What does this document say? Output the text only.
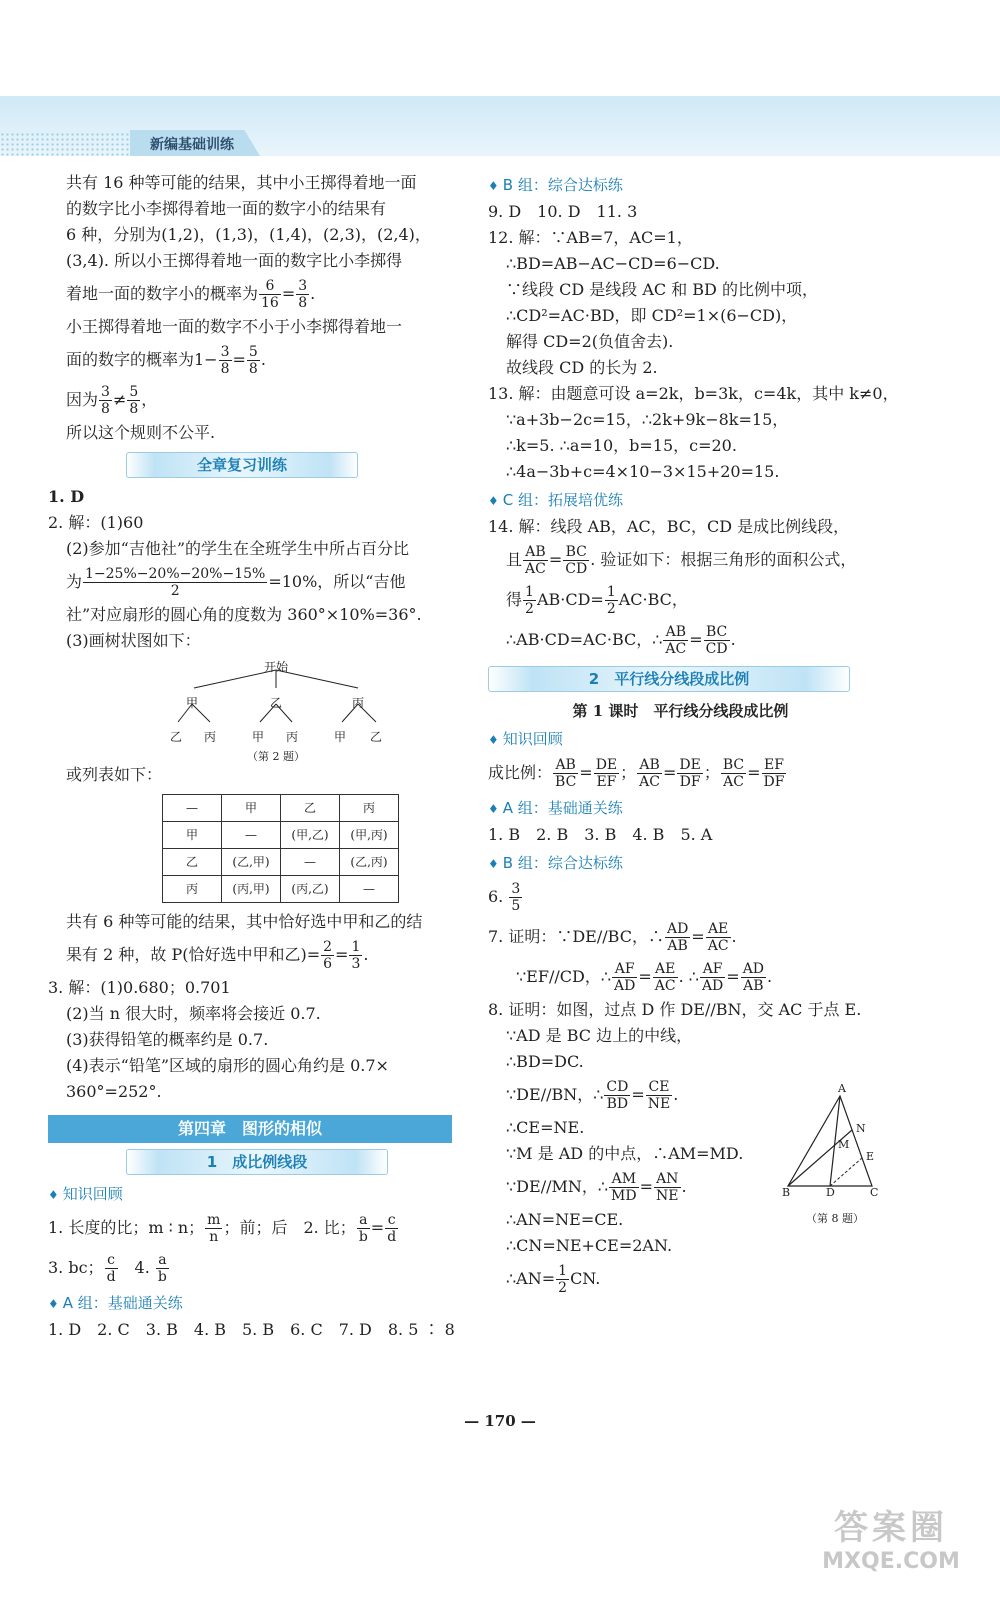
新编基础训练
共有 16 种等可能的结果，其中小王掷得着地一面
的数字比小李掷得着地一面的数字小的结果有
6 种，分别为(1,2)，(1,3)，(1,4)，(2,3)，(2,4)，
(3,4). 所以小王掷得着地一面的数字比小李掷得
着地一面的数字小的概率为 $\frac{6}{16} = \frac{3}{8}$ .
小王掷得着地一面的数字不小于小李掷得着地一
面的数字的概率为$1- \frac{3}{8} = \frac{5}{8}$ .
因为 $\frac{3}{8} \ne \frac{5}{8}$ ，
所以这个规则不公平.
全章复习训练
1. D
2. 解：(1)60
(2)参加“吉他社”的学生在全班学生中所占百分比
为 $\frac{1-25\%-20\%-20\%-15\%}{2} =10\%$，所以“吉他
社”对应扇形的圆心角的度数为 360°×10%=36°.
(3)画树状图如下：
开始
甲	乙	丙
乙 丙	甲 丙	甲 乙
（第 2 题）
或列表如下：
—	甲	乙	丙
甲	—	(甲,乙)	(甲,丙)
乙	(乙,甲)	—	(乙,丙)
丙	(丙,甲)	(丙,乙)	—
共有 6 种等可能的结果，其中恰好选中甲和乙的结
果有 2 种，故 P(恰好选中甲和乙)= $\frac{2}{6} = \frac{1}{3}$ .
3. 解：(1)0.680；0.701
(2)当 n 很大时，频率将会接近 0.7.
(3)获得铅笔的概率约是 0.7.
(4)表示“铅笔”区域的扇形的圆心角约是 0.7×
360°=252°.
第四章　图形的相似
1　成比例线段
♦ 知识回顾
1. 长度的比；m ∶ n； $\frac{m}{n}$ ；前；后　2. 比； $\frac{a}{b} = \frac{c}{d}$
3. bc； $\frac{c}{d}$ 　4. $\frac{a}{b}$
♦ A 组：基础通关练
1. D　2. C　3. B　4. B　5. B　6. C　7. D　8. 5 ∶ 8
♦ B 组：综合达标练
9. D　10. D　11. 3
12. 解：∵AB=7，AC=1，
∴BD=AB−AC−CD=6−CD.
∵线段 CD 是线段 AC 和 BD 的比例中项，
∴CD²=AC·BD，即 CD²=1×(6−CD)，
解得 CD=2(负值舍去).
故线段 CD 的长为 2.
13. 解：由题意可设 a=2k，b=3k，c=4k，其中 k≠0，
∵a+3b−2c=15，∴2k+9k−8k=15，
∴k=5. ∴a=10，b=15，c=20.
∴4a−3b+c=4×10−3×15+20=15.
♦ C 组：拓展培优练
14. 解：线段 AB，AC，BC，CD 是成比例线段，
且 $\frac{AB}{AC} = \frac{BC}{CD}$ . 验证如下：根据三角形的面积公式，
得 $\frac{1}{2} AB\cdot CD= \frac{1}{2} AC\cdot BC$，
∴AB·CD=AC·BC，∴ $\frac{AB}{AC} = \frac{BC}{CD}$ .
2　平行线分线段成比例
第 1 课时　平行线分线段成比例
♦ 知识回顾
成比例： $\frac{AB}{BC} = \frac{DE}{EF}$ ； $\frac{AB}{AC} = \frac{DE}{DF}$ ； $\frac{BC}{AC} = \frac{EF}{DF}$
♦ A 组：基础通关练
1. B　2. B　3. B　4. B　5. A
♦ B 组：综合达标练
6. $\frac{3}{5}$
7. 证明：∵DE//BC，∴ $\frac{AD}{AB} = \frac{AE}{AC}$ .
∵EF//CD，∴ $\frac{AF}{AD} = \frac{AE}{AC}$ . ∴ $\frac{AF}{AD} = \frac{AD}{AB}$ .
8. 证明：如图，过点 D 作 DE//BN，交 AC 于点 E.
∵AD 是 BC 边上的中线，
∴BD=DC.
∵DE//BN，∴ $\frac{CD}{BD} = \frac{CE}{NE}$ .
∴CE=NE.
∵M 是 AD 的中点，∴AM=MD.
∵DE//MN，∴ $\frac{AM}{MD} = \frac{AN}{NE}$ .
∴AN=NE=CE.
∴CN=NE+CE=2AN.
∴AN= $\frac{1}{2}$ CN.
A
N
M
E
B	D	C
（第 8 题）
— 170 —
答案圈
MXQE.COM
